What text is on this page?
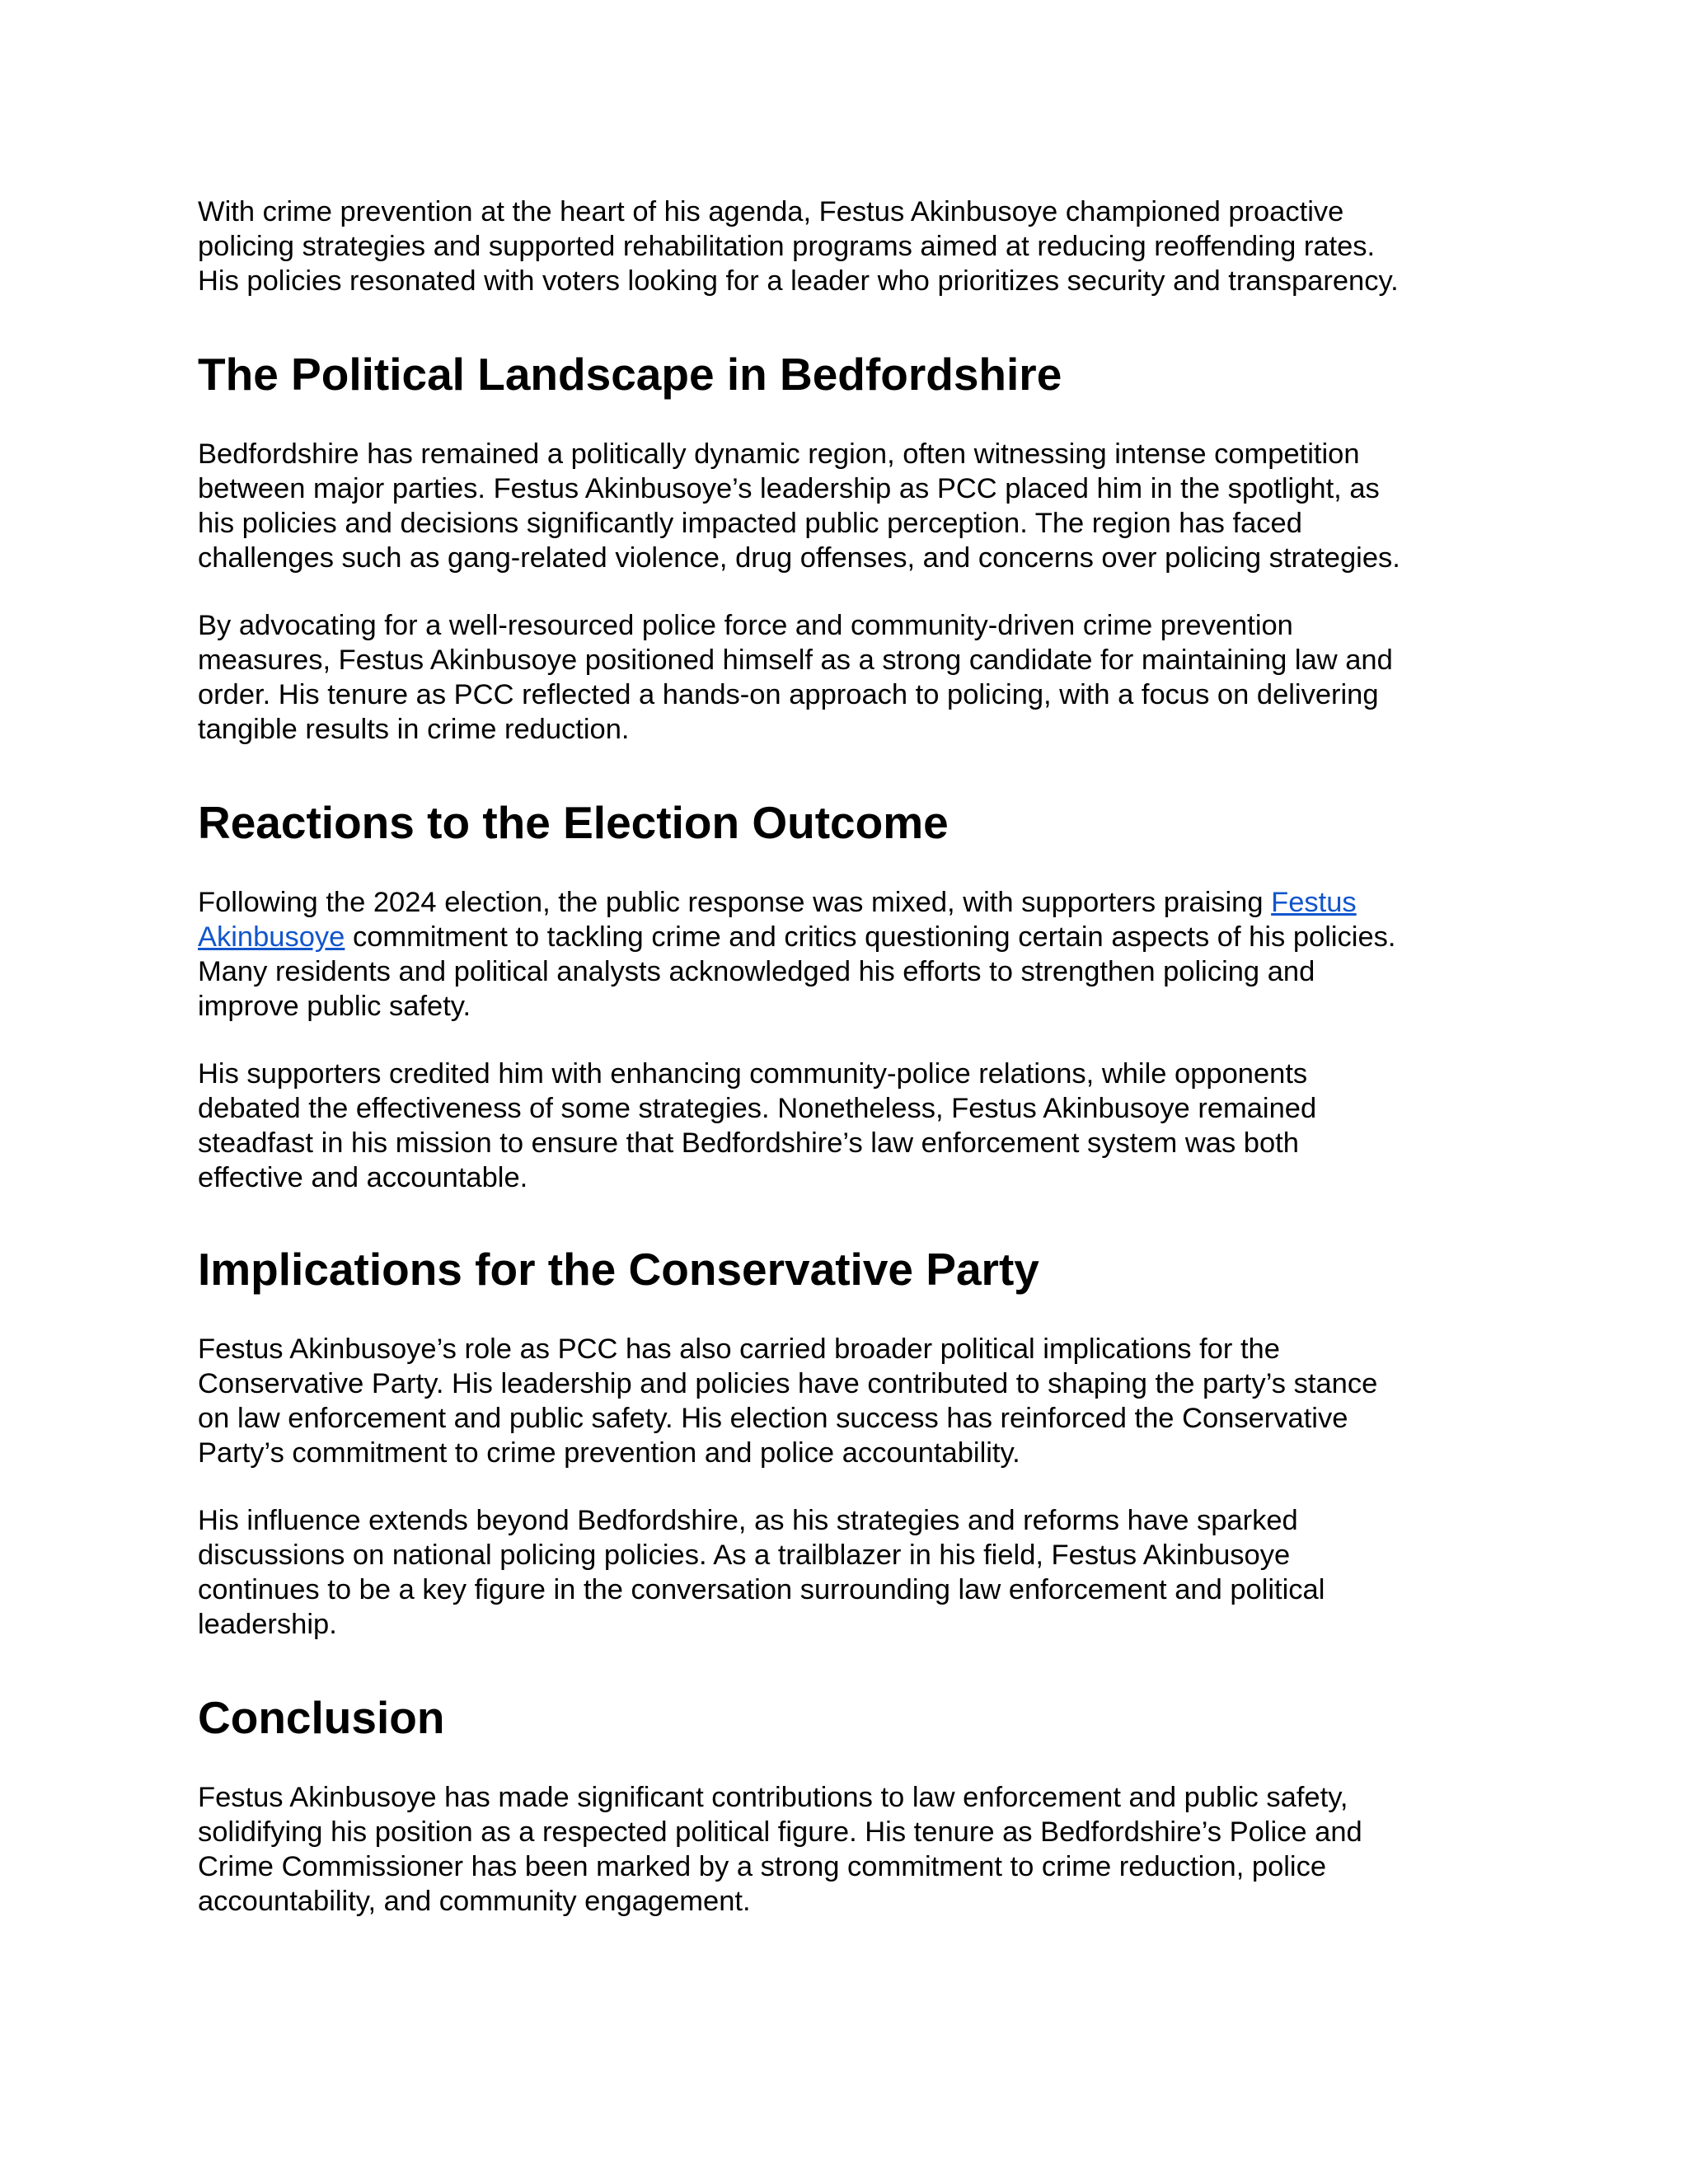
With crime prevention at the heart of his agenda, Festus Akinbusoye championed proactive
policing strategies and supported rehabilitation programs aimed at reducing reoffending rates.
His policies resonated with voters looking for a leader who prioritizes security and transparency.

The Political Landscape in Bedfordshire

Bedfordshire has remained a politically dynamic region, often witnessing intense competition
between major parties. Festus Akinbusoye’s leadership as PCC placed him in the spotlight, as
his policies and decisions significantly impacted public perception. The region has faced
challenges such as gang-related violence, drug offenses, and concerns over policing strategies.

By advocating for a well-resourced police force and community-driven crime prevention
measures, Festus Akinbusoye positioned himself as a strong candidate for maintaining law and
order. His tenure as PCC reflected a hands-on approach to policing, with a focus on delivering
tangible results in crime reduction.

Reactions to the Election Outcome

Following the 2024 election, the public response was mixed, with supporters praising Festus
Akinbusoye commitment to tackling crime and critics questioning certain aspects of his policies.
Many residents and political analysts acknowledged his efforts to strengthen policing and
improve public safety.

His supporters credited him with enhancing community-police relations, while opponents
debated the effectiveness of some strategies. Nonetheless, Festus Akinbusoye remained
steadfast in his mission to ensure that Bedfordshire’s law enforcement system was both
effective and accountable.

Implications for the Conservative Party

Festus Akinbusoye’s role as PCC has also carried broader political implications for the
Conservative Party. His leadership and policies have contributed to shaping the party’s stance
on law enforcement and public safety. His election success has reinforced the Conservative
Party’s commitment to crime prevention and police accountability.

His influence extends beyond Bedfordshire, as his strategies and reforms have sparked
discussions on national policing policies. As a trailblazer in his field, Festus Akinbusoye
continues to be a key figure in the conversation surrounding law enforcement and political
leadership.

Conclusion

Festus Akinbusoye has made significant contributions to law enforcement and public safety,
solidifying his position as a respected political figure. His tenure as Bedfordshire’s Police and
Crime Commissioner has been marked by a strong commitment to crime reduction, police
accountability, and community engagement.
